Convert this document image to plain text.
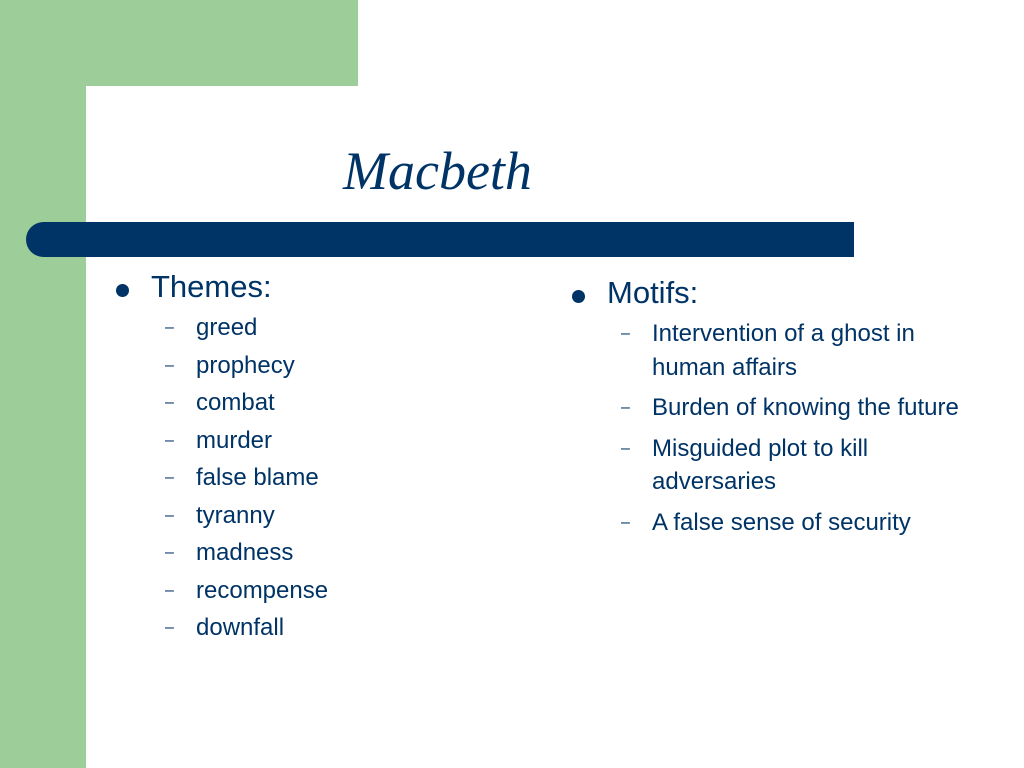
Macbeth
Themes:
– greed
– prophecy
– combat
– murder
– false blame
– tyranny
– madness
– recompense
– downfall
Motifs:
– Intervention of a ghost in human affairs
– Burden of knowing the future
– Misguided plot to kill adversaries
– A false sense of security
